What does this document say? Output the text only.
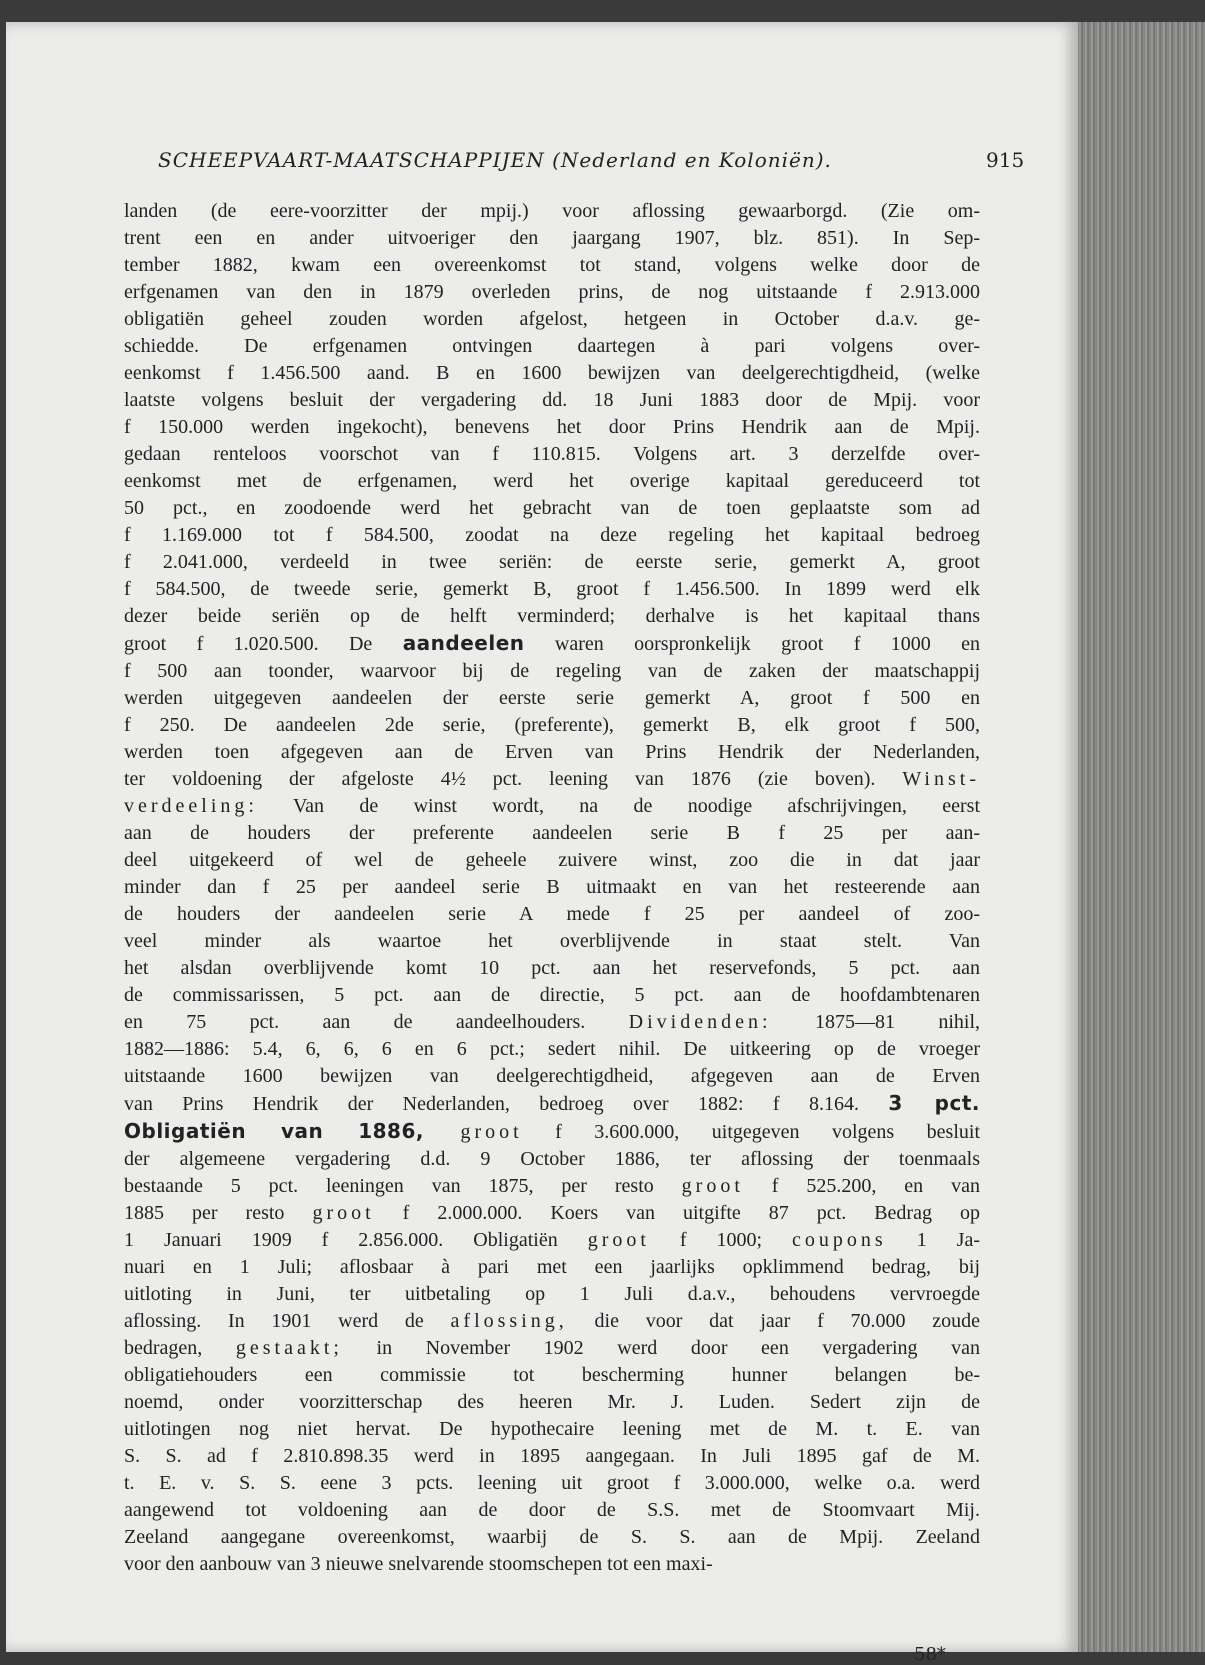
SCHEEPVAART-MAATSCHAPPIJEN (Nederland en Koloniën).	915
landen (de eere-voorzitter der mpij.) voor aflossing gewaarborgd. (Zie om-
trent een en ander uitvoeriger den jaargang 1907, blz. 851). In Sep-
tember 1882, kwam een overeenkomst tot stand, volgens welke door de
erfgenamen van den in 1879 overleden prins, de nog uitstaande f 2.913.000
obligatiën geheel zouden worden afgelost, hetgeen in October d.a.v. ge-
schiedde. De erfgenamen ontvingen daartegen à pari volgens over-
eenkomst f 1.456.500 aand. B en 1600 bewijzen van deelgerechtigdheid, (welke
laatste volgens besluit der vergadering dd. 18 Juni 1883 door de Mpij. voor
f 150.000 werden ingekocht), benevens het door Prins Hendrik aan de Mpij.
gedaan renteloos voorschot van f 110.815. Volgens art. 3 derzelfde over-
eenkomst met de erfgenamen, werd het overige kapitaal gereduceerd tot
50 pct., en zoodoende werd het gebracht van de toen geplaatste som ad
f 1.169.000 tot f 584.500, zoodat na deze regeling het kapitaal bedroeg
f 2.041.000, verdeeld in twee seriën: de eerste serie, gemerkt A, groot
f 584.500, de tweede serie, gemerkt B, groot f 1.456.500. In 1899 werd elk
dezer beide seriën op de helft verminderd; derhalve is het kapitaal thans
groot f 1.020.500. De aandeelen waren oorspronkelijk groot f 1000 en
f 500 aan toonder, waarvoor bij de regeling van de zaken der maatschappij
werden uitgegeven aandeelen der eerste serie gemerkt A, groot f 500 en
f 250. De aandeelen 2de serie, (preferente), gemerkt B, elk groot f 500,
werden toen afgegeven aan de Erven van Prins Hendrik der Nederlanden,
ter voldoening der afgeloste 4½ pct. leening van 1876 (zie boven). Winst-
verdeeling: Van de winst wordt, na de noodige afschrijvingen, eerst
aan de houders der preferente aandeelen serie B f 25 per aan-
deel uitgekeerd of wel de geheele zuivere winst, zoo die in dat jaar
minder dan f 25 per aandeel serie B uitmaakt en van het resteerende aan
de houders der aandeelen serie A mede f 25 per aandeel of zoo-
veel minder als waartoe het overblijvende in staat stelt. Van
het alsdan overblijvende komt 10 pct. aan het reservefonds, 5 pct. aan
de commissarissen, 5 pct. aan de directie, 5 pct. aan de hoofdambtenaren
en 75 pct. aan de aandeelhouders. Dividenden: 1875—81 nihil,
1882—1886: 5.4, 6, 6, 6 en 6 pct.; sedert nihil. De uitkeering op de vroeger
uitstaande 1600 bewijzen van deelgerechtigdheid, afgegeven aan de Erven
van Prins Hendrik der Nederlanden, bedroeg over 1882: f 8.164. 3 pct.
Obligatiën van 1886, groot f 3.600.000, uitgegeven volgens besluit
der algemeene vergadering d.d. 9 October 1886, ter aflossing der toenmaals
bestaande 5 pct. leeningen van 1875, per resto groot f 525.200, en van
1885 per resto groot f 2.000.000. Koers van uitgifte 87 pct. Bedrag op
1 Januari 1909 f 2.856.000. Obligatiën groot f 1000; coupons 1 Ja-
nuari en 1 Juli; aflosbaar à pari met een jaarlijks opklimmend bedrag, bij
uitloting in Juni, ter uitbetaling op 1 Juli d.a.v., behoudens vervroegde
aflossing. In 1901 werd de aflossing, die voor dat jaar f 70.000 zoude
bedragen, gestaakt; in November 1902 werd door een vergadering van
obligatiehouders een commissie tot bescherming hunner belangen be-
noemd, onder voorzitterschap des heeren Mr. J. Luden. Sedert zijn de
uitlotingen nog niet hervat. De hypothecaire leening met de M. t. E. van
S. S. ad f 2.810.898.35 werd in 1895 aangegaan. In Juli 1895 gaf de M.
t. E. v. S. S. eene 3 pcts. leening uit groot f 3.000.000, welke o.a. werd
aangewend tot voldoening aan de door de S.S. met de Stoomvaart Mij.
Zeeland aangegane overeenkomst, waarbij de S. S. aan de Mpij. Zeeland
voor den aanbouw van 3 nieuwe snelvarende stoomschepen tot een maxi-
58*
